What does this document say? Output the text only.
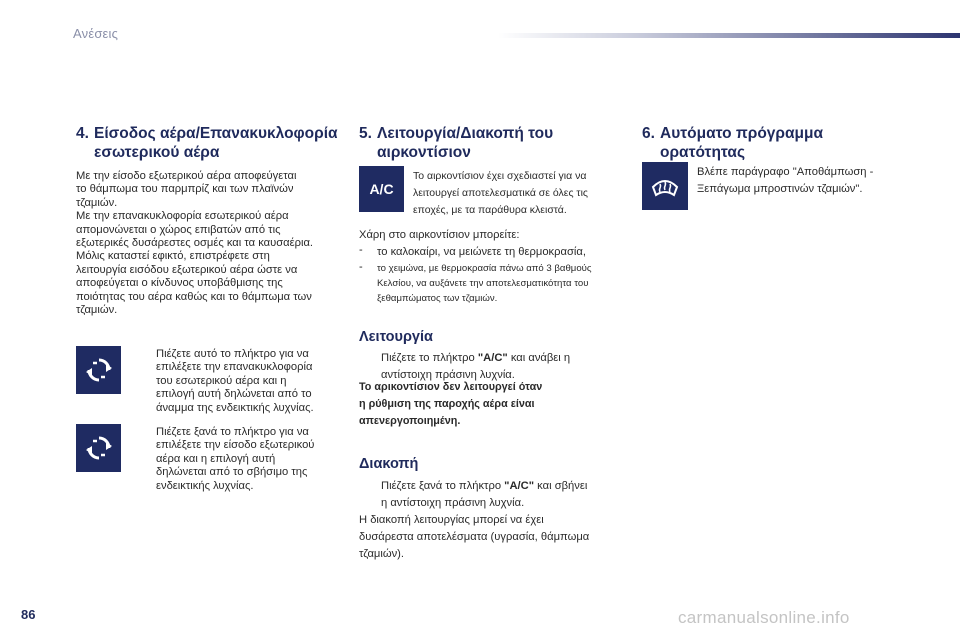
Ανέσεις
4. Είσοδος αέρα/Επανακυκλοφορία
εσωτερικού αέρα
Με την είσοδο εξωτερικού αέρα αποφεύγεται
το θάμπωμα του παρμπρίζ και των πλαϊνών
τζαμιών.
Με την επανακυκλοφορία εσωτερικού αέρα
απομονώνεται ο χώρος επιβατών από τις
εξωτερικές δυσάρεστες οσμές και τα καυσαέρια.
Μόλις καταστεί εφικτό, επιστρέφετε στη
λειτουργία εισόδου εξωτερικού αέρα ώστε να
αποφεύγεται ο κίνδυνος υποβάθμισης της
ποιότητας του αέρα καθώς και το θάμπωμα των
τζαμιών.
Πιέζετε αυτό το πλήκτρο για να
επιλέξετε την επανακυκλοφορία
του εσωτερικού αέρα και η
επιλογή αυτή δηλώνεται από το
άναμμα της ενδεικτικής λυχνίας.
Πιέζετε ξανά το πλήκτρο για να
επιλέξετε την είσοδο εξωτερικού
αέρα και η επιλογή αυτή
δηλώνεται από το σβήσιμο της
ενδεικτικής λυχνίας.
5. Λειτουργία/Διακοπή του
αιρκοντίσιον
A/C
Το αιρκοντίσιον έχει σχεδιαστεί για να
λειτουργεί αποτελεσματικά σε όλες τις
εποχές, με τα παράθυρα κλειστά.
Χάρη στο αιρκοντίσιον μπορείτε:
- το καλοκαίρι, να μειώνετε τη θερμοκρασία,
- το χειμώνα, με θερμοκρασία πάνω από 3 βαθμούς
Κελσίου, να αυξάνετε την αποτελεσματικότητα του
ξεθαμπώματος των τζαμιών.
Λειτουργία
Πιέζετε το πλήκτρο "A/C" και ανάβει η
αντίστοιχη πράσινη λυχνία.
Το αρικοντίσιον δεν λειτουργεί όταν
η ρύθμιση της παροχής αέρα είναι
απενεργοποιημένη.
Διακοπή
Πιέζετε ξανά το πλήκτρο "A/C" και σβήνει
η αντίστοιχη πράσινη λυχνία.
Η διακοπή λειτουργίας μπορεί να έχει
δυσάρεστα αποτελέσματα (υγρασία, θάμπωμα
τζαμιών).
6. Αυτόματο πρόγραμμα
ορατότητας
Βλέπε παράγραφο "Αποθάμπωση -
Ξεπάγωμα μπροστινών τζαμιών".
86	carmanualsonline.info
